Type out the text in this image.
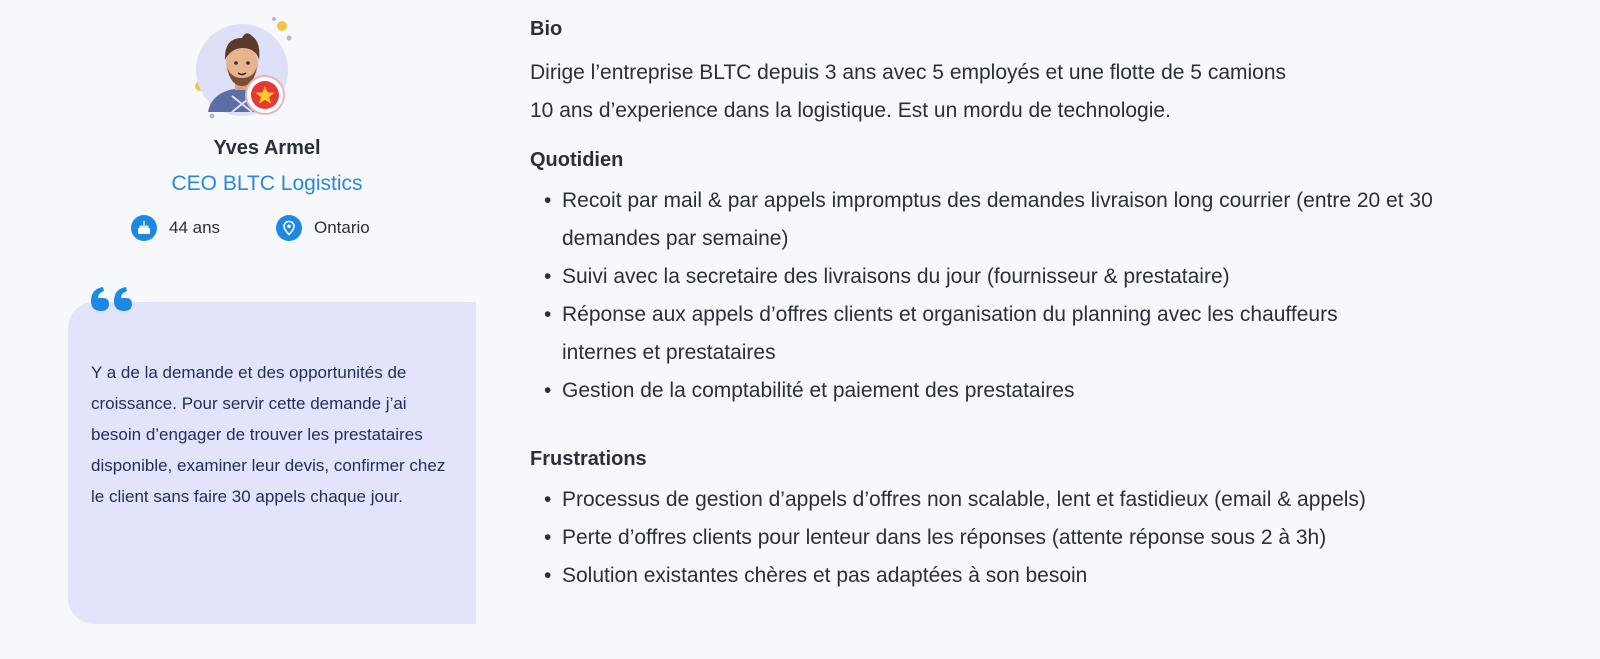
Yves Armel
CEO BLTC Logistics
44 ans	Ontario
Y a de la demande et des opportunités de croissance. Pour servir cette demande j’ai besoin d’engager de trouver les prestataires disponible, examiner leur devis, confirmer chez le client sans faire 30 appels chaque jour.
Bio

Dirige l’entreprise BLTC depuis 3 ans avec 5 employés et une flotte de 5 camions

10 ans d’experience dans la logistique. Est un mordu de technologie.

Quotidien
• Recoit par mail & par appels impromptus des demandes livraison long courrier (entre 20 et 30 demandes par semaine)
• Suivi avec la secretaire des livraisons du jour (fournisseur & prestataire)
• Réponse aux appels d’offres clients et organisation du planning avec les chauffeurs internes et prestataires
• Gestion de la comptabilité et paiement des prestataires
Frustrations
• Processus de gestion d’appels d’offres non scalable, lent et fastidieux (email & appels)
• Perte d’offres clients pour lenteur dans les réponses (attente réponse sous 2 à 3h)
• Solution existantes chères et pas adaptées à son besoin
